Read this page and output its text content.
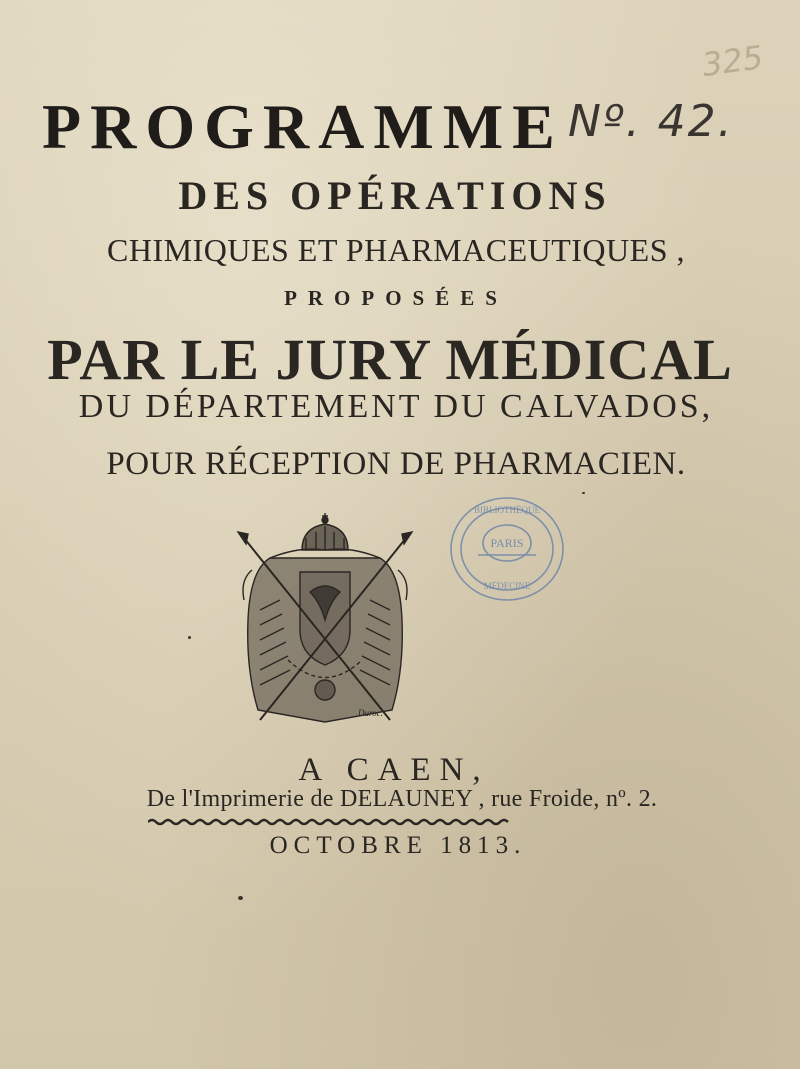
325
PROGRAMME Nº. 42.
DES OPÉRATIONS
CHIMIQUES ET PHARMACEUTIQUES ,
PROPOSÉES
PAR LE JURY MÉDICAL
DU DÉPARTEMENT DU CALVADOS,
POUR RÉCEPTION DE PHARMACIEN.
Duroc.
BIBLIOTHÈQUE
PARIS
MÉDECINE
A CAEN,
De l'Imprimerie de DELAUNEY , rue Froide, nº. 2.
OCTOBRE 1813.
